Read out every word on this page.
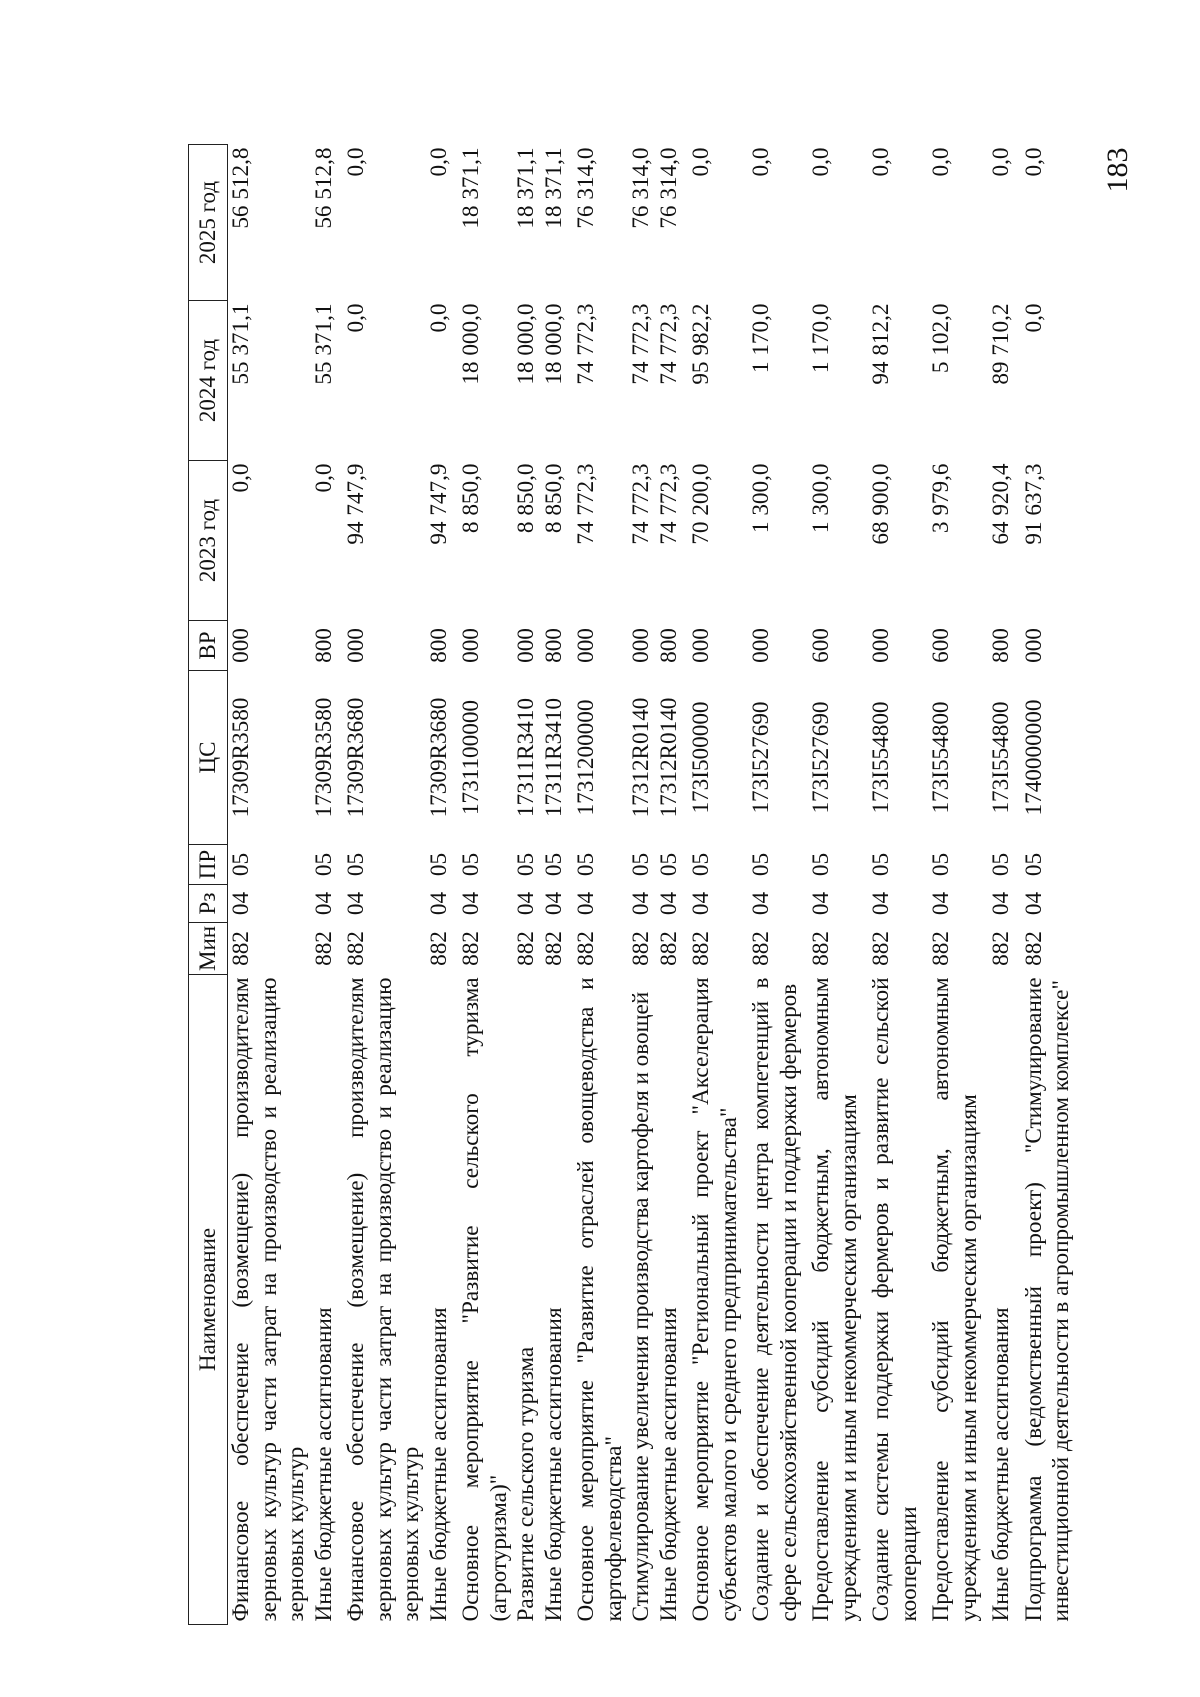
183
Наименование	Мин	Рз	ПР	ЦС	ВР	2023 год	2024 год	2025 год
Финансовое обеспечение (возмещение) производителям зерновых культур части затрат на производство и реализацию зерновых культур	882	04	05	17309R3580	000	0,0	55 371,1	56 512,8
Иные бюджетные ассигнования	882	04	05	17309R3580	800	0,0	55 371,1	56 512,8
Финансовое обеспечение (возмещение) производителям зерновых культур части затрат на производство и реализацию зерновых культур	882	04	05	17309R3680	000	94 747,9	0,0	0,0
Иные бюджетные ассигнования	882	04	05	17309R3680	800	94 747,9	0,0	0,0
Основное мероприятие "Развитие сельского туризма (агротуризма)"	882	04	05	1731100000	000	8 850,0	18 000,0	18 371,1
Развитие сельского туризма	882	04	05	17311R3410	000	8 850,0	18 000,0	18 371,1
Иные бюджетные ассигнования	882	04	05	17311R3410	800	8 850,0	18 000,0	18 371,1
Основное мероприятие "Развитие отраслей овощеводства и картофелеводства"	882	04	05	1731200000	000	74 772,3	74 772,3	76 314,0
Стимулирование увеличения производства картофеля и овощей	882	04	05	17312R0140	000	74 772,3	74 772,3	76 314,0
Иные бюджетные ассигнования	882	04	05	17312R0140	800	74 772,3	74 772,3	76 314,0
Основное мероприятие "Региональный проект "Акселерация субъектов малого и среднего предпринимательства"	882	04	05	173I500000	000	70 200,0	95 982,2	0,0
Создание и обеспечение деятельности центра компетенций в сфере сельскохозяйственной кооперации и поддержки фермеров	882	04	05	173I527690	000	1 300,0	1 170,0	0,0
Предоставление субсидий бюджетным, автономным учреждениям и иным некоммерческим организациям	882	04	05	173I527690	600	1 300,0	1 170,0	0,0
Создание системы поддержки фермеров и развитие сельской кооперации	882	04	05	173I554800	000	68 900,0	94 812,2	0,0
Предоставление субсидий бюджетным, автономным учреждениям и иным некоммерческим организациям	882	04	05	173I554800	600	3 979,6	5 102,0	0,0
Иные бюджетные ассигнования	882	04	05	173I554800	800	64 920,4	89 710,2	0,0
Подпрограмма (ведомственный проект) "Стимулирование инвестиционной деятельности в агропромышленном комплексе"	882	04	05	1740000000	000	91 637,3	0,0	0,0
